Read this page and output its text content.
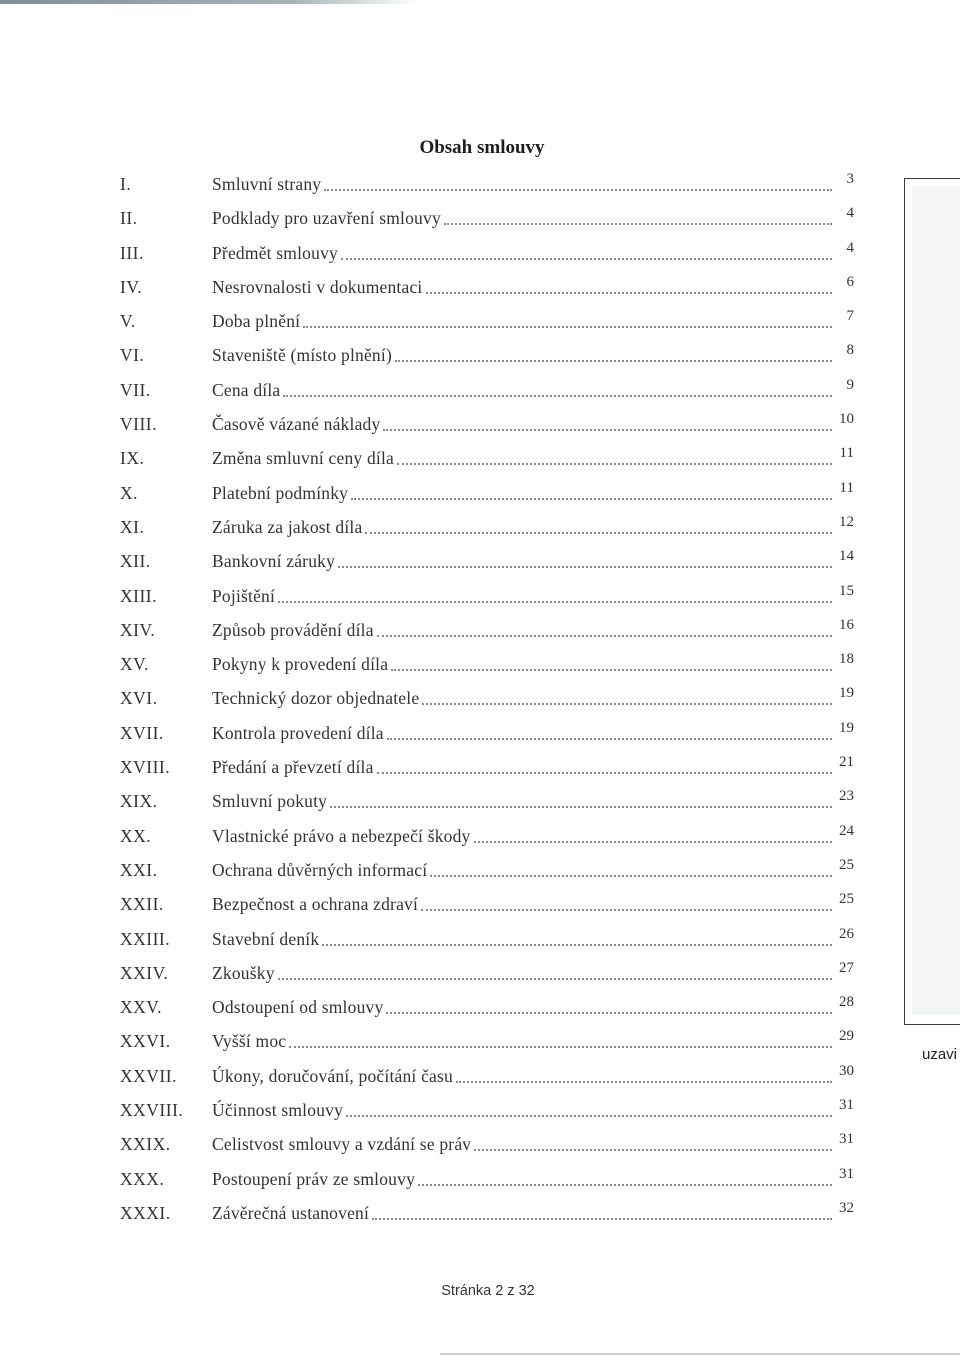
Obsah smlouvy
I.	Smluvní strany	3
II.	Podklady pro uzavření smlouvy	4
III.	Předmět smlouvy	4
IV.	Nesrovnalosti v dokumentaci	6
V.	Doba plnění	7
VI.	Staveniště (místo plnění)	8
VII.	Cena díla	9
VIII.	Časově vázané náklady	10
IX.	Změna smluvní ceny díla	11
X.	Platební podmínky	11
XI.	Záruka za jakost díla	12
XII.	Bankovní záruky	14
XIII.	Pojištění	15
XIV.	Způsob provádění díla	16
XV.	Pokyny k provedení díla	18
XVI.	Technický dozor objednatele	19
XVII.	Kontrola provedení díla	19
XVIII.	Předání a převzetí díla	21
XIX.	Smluvní pokuty	23
XX.	Vlastnické právo a nebezpečí škody	24
XXI.	Ochrana důvěrných informací	25
XXII.	Bezpečnost a ochrana zdraví	25
XXIII.	Stavební deník	26
XXIV.	Zkoušky	27
XXV.	Odstoupení od smlouvy	28
XXVI.	Vyšší moc	29
XXVII.	Úkony, doručování, počítání času	30
XXVIII.	Účinnost smlouvy	31
XXIX.	Celistvost smlouvy a vzdání se práv	31
XXX.	Postoupení práv ze smlouvy	31
XXXI.	Závěrečná ustanovení	32
uzavi
Stránka 2 z 32
